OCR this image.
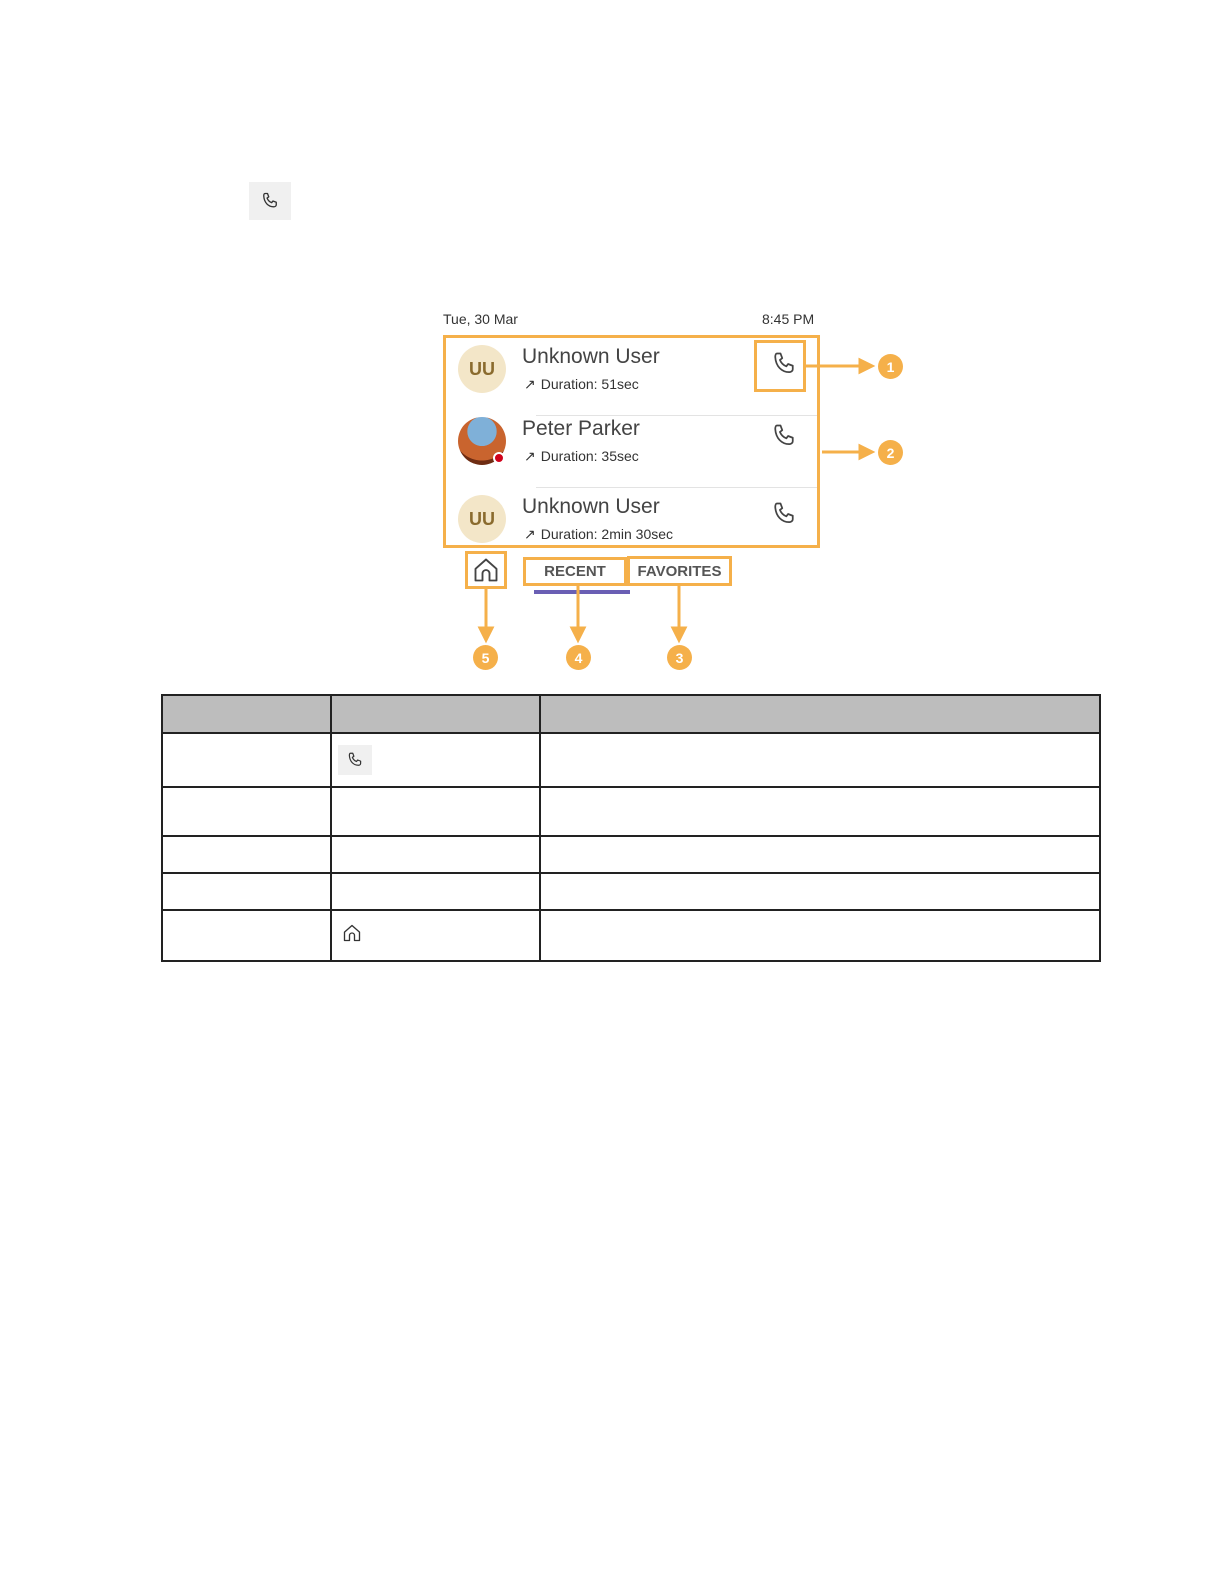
Tue, 30 Mar	8:45 PM
UU
Unknown User
↗ Duration: 51sec
Peter Parker
↗ Duration: 35sec
UU
Unknown User
↗ Duration: 2min 30sec
RECENT	FAVORITES
1
2
3
4
5
